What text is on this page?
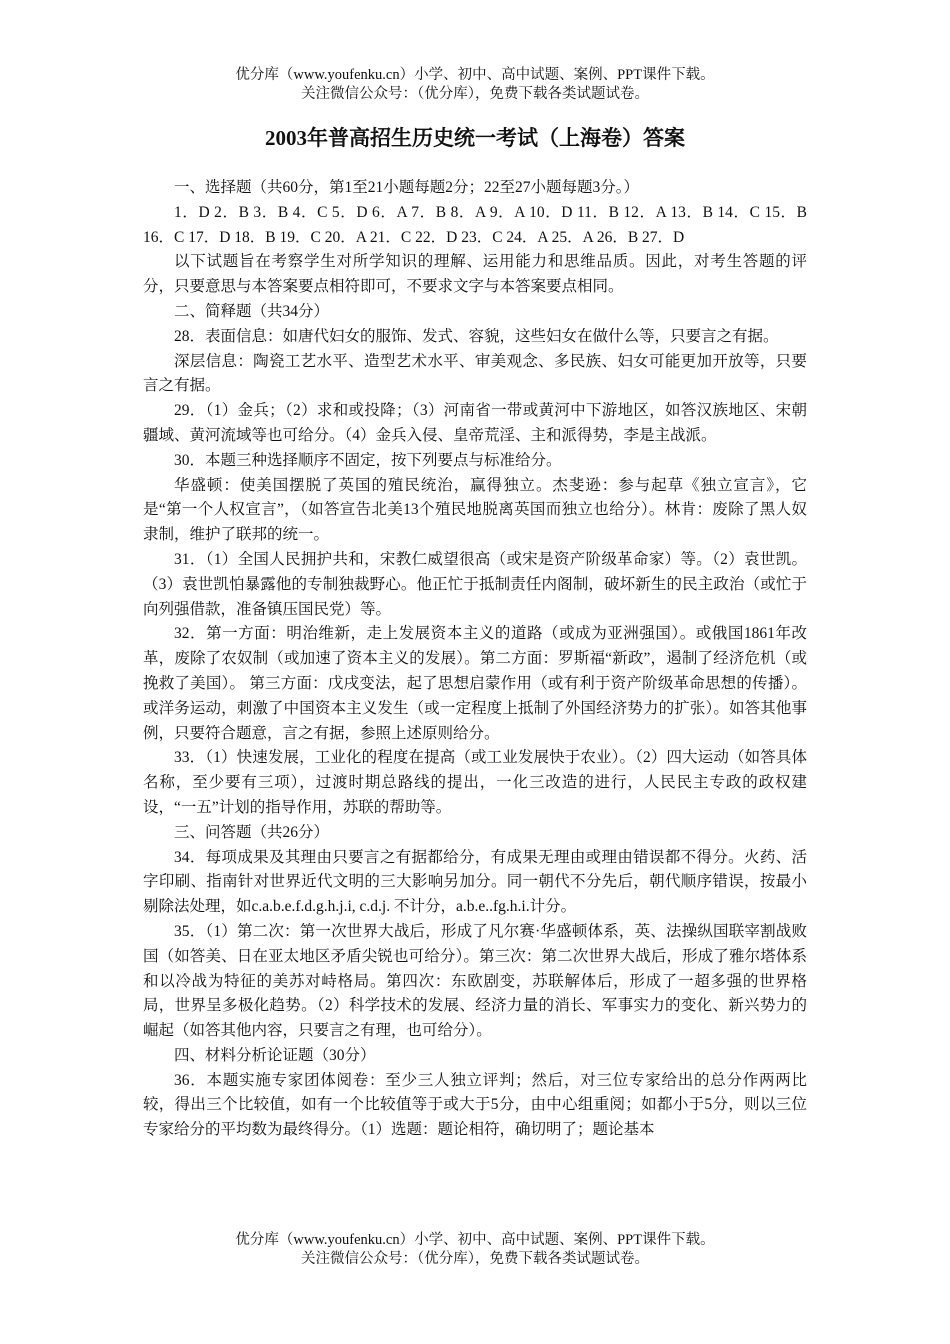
优分库（www.youfenku.cn）小学、初中、高中试题、案例、PPT课件下载。
关注微信公众号：（优分库），免费下载各类试题试卷。
2003年普高招生历史统一考试（上海卷）答案

一、选择题（共60分，第1至21小题每题2分；22至27小题每题3分。）

1．D 2．B 3．B 4．C 5．D 6．A 7．B 8．A 9．A 10．D 11．B 12．A 13．B 14．C 15．B 16．C 17．D 18．B 19．C 20．A 21．C 22．D 23．C 24．A 25．A 26．B 27．D

以下试题旨在考察学生对所学知识的理解、运用能力和思维品质。因此，对考生答题的评分，只要意思与本答案要点相符即可，不要求文字与本答案要点相同。

二、简释题（共34分）

28．表面信息：如唐代妇女的服饰、发式、容貌，这些妇女在做什么等，只要言之有据。

深层信息：陶瓷工艺水平、造型艺术水平、审美观念、多民族、妇女可能更加开放等，只要言之有据。

29．（1）金兵；（2）求和或投降；（3）河南省一带或黄河中下游地区，如答汉族地区、宋朝疆域、黄河流域等也可给分。（4）金兵入侵、皇帝荒淫、主和派得势，李是主战派。

30．本题三种选择顺序不固定，按下列要点与标准给分。

华盛顿：使美国摆脱了英国的殖民统治，赢得独立。杰斐逊：参与起草《独立宣言》，它是“第一个人权宣言”，（如答宣告北美13个殖民地脱离英国而独立也给分）。林肯：废除了黑人奴隶制，维护了联邦的统一。

31．（1）全国人民拥护共和，宋教仁威望很高（或宋是资产阶级革命家）等。（2）袁世凯。（3）袁世凯怕暴露他的专制独裁野心。他正忙于抵制责任内阁制，破坏新生的民主政治（或忙于向列强借款，准备镇压国民党）等。

32．第一方面：明治维新，走上发展资本主义的道路（或成为亚洲强国）。或俄国1861年改革，废除了农奴制（或加速了资本主义的发展）。第二方面：罗斯福“新政”，遏制了经济危机（或挽救了美国）。 第三方面：戊戌变法，起了思想启蒙作用（或有利于资产阶级革命思想的传播）。或洋务运动，刺激了中国资本主义发生（或一定程度上抵制了外国经济势力的扩张）。如答其他事例，只要符合题意，言之有据，参照上述原则给分。

33．（1）快速发展，工业化的程度在提高（或工业发展快于农业）。（2）四大运动（如答具体名称，至少要有三项），过渡时期总路线的提出，一化三改造的进行，人民民主专政的政权建设，“一五”计划的指导作用，苏联的帮助等。

三、问答题（共26分）

34．每项成果及其理由只要言之有据都给分，有成果无理由或理由错误都不得分。火药、活字印刷、指南针对世界近代文明的三大影响另加分。同一朝代不分先后，朝代顺序错误，按最小剔除法处理，如c.a.b.e.f.d.g.h.j.i, c.d.j. 不计分，a.b.e..fg.h.i.计分。

35．（1）第二次：第一次世界大战后，形成了凡尔赛·华盛顿体系，英、法操纵国联宰割战败国（如答美、日在亚太地区矛盾尖锐也可给分）。第三次：第二次世界大战后，形成了雅尔塔体系和以冷战为特征的美苏对峙格局。第四次：东欧剧变，苏联解体后，形成了一超多强的世界格局，世界呈多极化趋势。（2）科学技术的发展、经济力量的消长、军事实力的变化、新兴势力的崛起（如答其他内容，只要言之有理，也可给分）。

四、材料分析论证题（30分）

36．本题实施专家团体阅卷：至少三人独立评判；然后，对三位专家给出的总分作两两比较，得出三个比较值，如有一个比较值等于或大于5分，由中心组重阅；如都小于5分，则以三位专家给分的平均数为最终得分。（1）选题：题论相符，确切明了；题论基本

优分库（www.youfenku.cn）小学、初中、高中试题、案例、PPT课件下载。
关注微信公众号：（优分库），免费下载各类试题试卷。
